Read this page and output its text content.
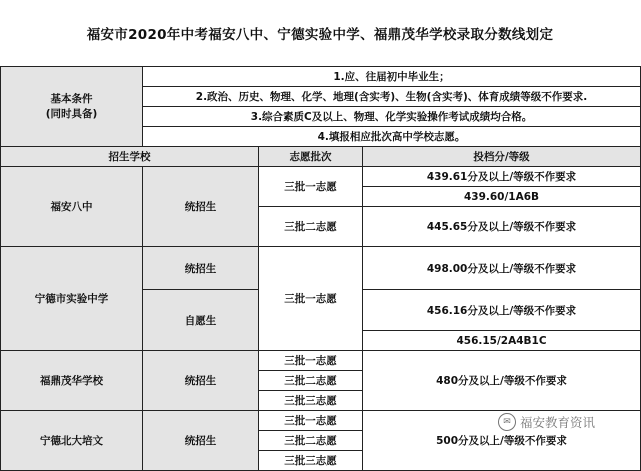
福安市2020年中考福安八中、宁德实验中学、福鼎茂华学校录取分数线划定
基本条件
(同时具备)	1.应、往届初中毕业生；		
	2.政治、历史、物理、化学、地理(含实考)、生物(含实考)、体育成绩等级不作要求.		
	3.综合素质C及以上、物理、化学实验操作考试成绩均合格。		
	4.填报相应批次高中学校志愿。		
招生学校		志愿批次	投档分/等级
福安八中	统招生	三批一志愿	439.61分及以上/等级不作要求
			439.60/1A6B
		三批二志愿	445.65分及以上/等级不作要求

宁德市实验中学	统招生	三批一志愿	498.00分及以上/等级不作要求

	自愿生		456.16分及以上/等级不作要求

			456.15/2A4B1C
福鼎茂华学校	统招生	三批一志愿	480分及以上/等级不作要求
		三批二志愿	
		三批三志愿	
宁德北大培文	统招生	三批一志愿	500分及以上/等级不作要求
		三批二志愿	
		三批三志愿	
✉ 福安教育资讯
